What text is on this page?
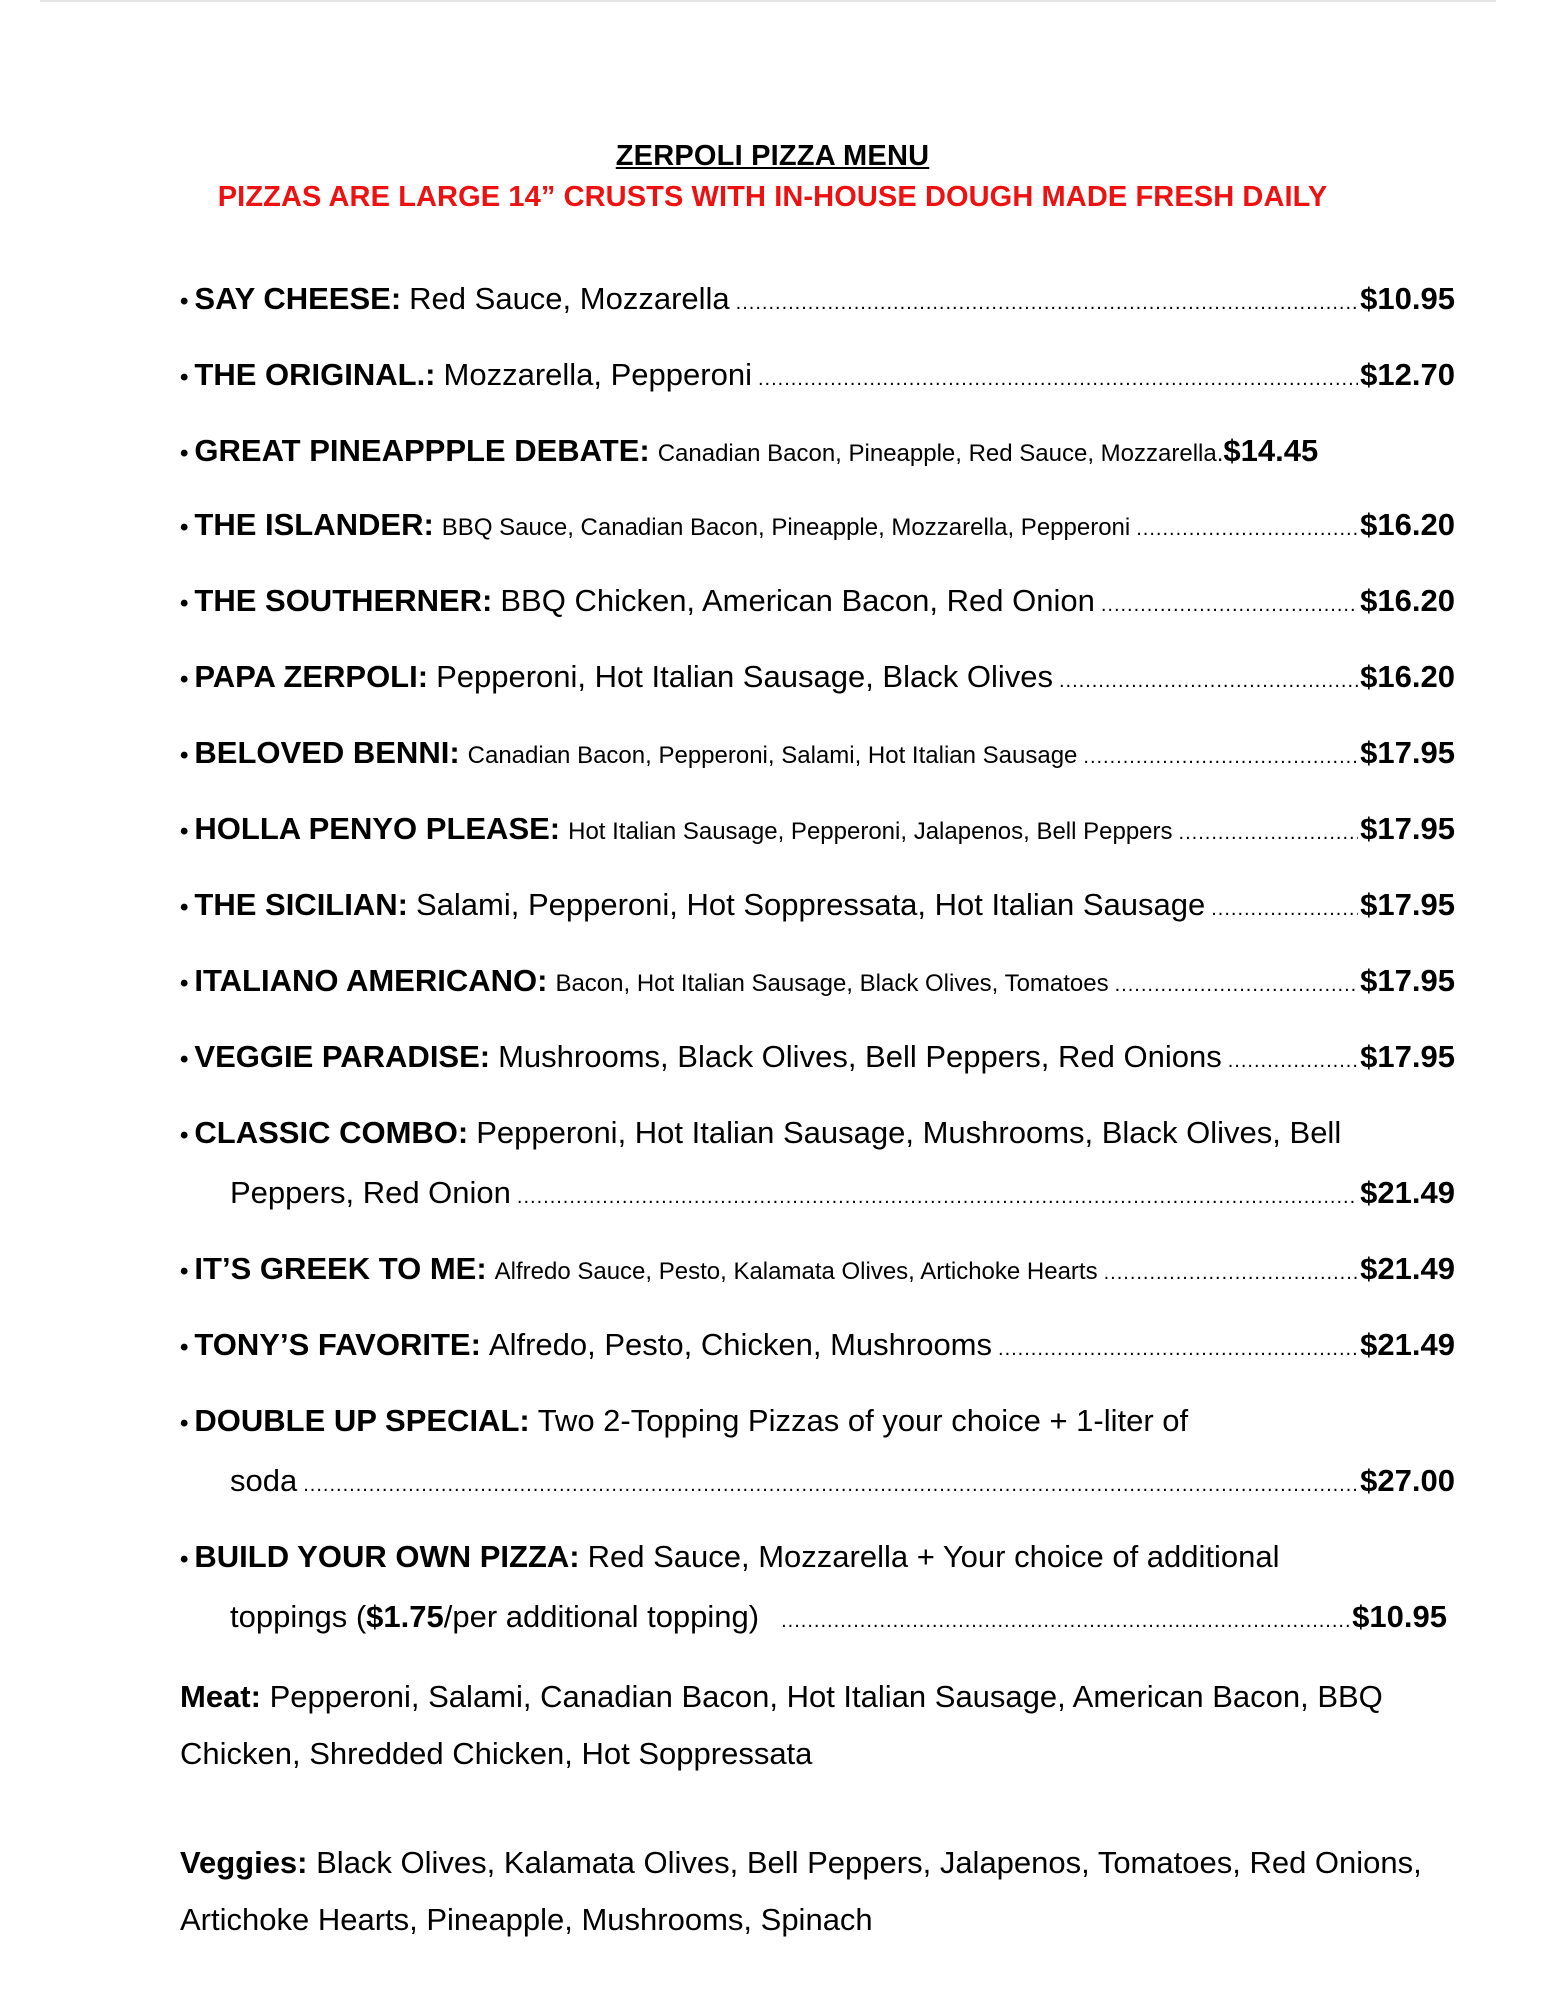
ZERPOLI PIZZA MENU
PIZZAS ARE LARGE 14” CRUSTS WITH IN-HOUSE DOUGH MADE FRESH DAILY
• SAY CHEESE: Red Sauce, Mozzarella .....	$10.95
• THE ORIGINAL.: Mozzarella, Pepperoni .....	$12.70
• GREAT PINEAPPPLE DEBATE: Canadian Bacon, Pineapple, Red Sauce, Mozzarella. $14.45
• THE ISLANDER: BBQ Sauce, Canadian Bacon, Pineapple, Mozzarella, Pepperoni .....	$16.20
• THE SOUTHERNER: BBQ Chicken, American Bacon, Red Onion .....	$16.20
• PAPA ZERPOLI: Pepperoni, Hot Italian Sausage, Black Olives .....	$16.20
• BELOVED BENNI: Canadian Bacon, Pepperoni, Salami, Hot Italian Sausage .....	$17.95
• HOLLA PENYO PLEASE: Hot Italian Sausage, Pepperoni, Jalapenos, Bell Peppers .....	$17.95
• THE SICILIAN: Salami, Pepperoni, Hot Soppressata, Hot Italian Sausage .....	$17.95
• ITALIANO AMERICANO: Bacon, Hot Italian Sausage, Black Olives, Tomatoes .....	$17.95
• VEGGIE PARADISE: Mushrooms, Black Olives, Bell Peppers, Red Onions .....	$17.95
• CLASSIC COMBO: Pepperoni, Hot Italian Sausage, Mushrooms, Black Olives, Bell
Peppers, Red Onion .....	$21.49
• IT’S GREEK TO ME: Alfredo Sauce, Pesto, Kalamata Olives, Artichoke Hearts .....	$21.49
• TONY’S FAVORITE: Alfredo, Pesto, Chicken, Mushrooms .....	$21.49
• DOUBLE UP SPECIAL: Two 2-Topping Pizzas of your choice + 1-liter of
soda .....	$27.00
• BUILD YOUR OWN PIZZA: Red Sauce, Mozzarella + Your choice of additional
toppings ( $1.75 /per additional topping) .....	$10.95
Meat: Pepperoni, Salami, Canadian Bacon, Hot Italian Sausage, American Bacon, BBQ Chicken, Shredded Chicken, Hot Soppressata
Veggies: Black Olives, Kalamata Olives, Bell Peppers, Jalapenos, Tomatoes, Red Onions, Artichoke Hearts, Pineapple, Mushrooms, Spinach
